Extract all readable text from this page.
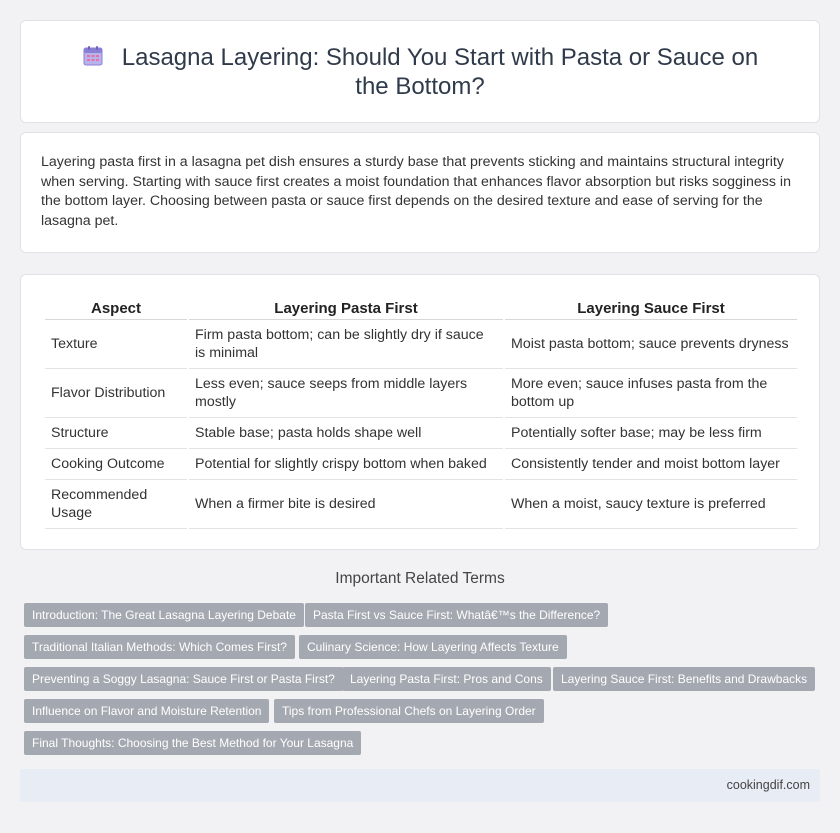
Lasagna Layering: Should You Start with Pasta or Sauce on the Bottom?

Layering pasta first in a lasagna pet dish ensures a sturdy base that prevents sticking and maintains structural integrity when serving. Starting with sauce first creates a moist foundation that enhances flavor absorption but risks sogginess in the bottom layer. Choosing between pasta or sauce first depends on the desired texture and ease of serving for the lasagna pet.

Aspect	Layering Pasta First	Layering Sauce First
Texture	Firm pasta bottom; can be slightly dry if sauce is minimal	Moist pasta bottom; sauce prevents dryness
Flavor Distribution	Less even; sauce seeps from middle layers mostly	More even; sauce infuses pasta from the bottom up
Structure	Stable base; pasta holds shape well	Potentially softer base; may be less firm
Cooking Outcome	Potential for slightly crispy bottom when baked	Consistently tender and moist bottom layer
Recommended Usage	When a firmer bite is desired	When a moist, saucy texture is preferred
Important Related Terms
Introduction: The Great Lasagna Layering Debate	Pasta First vs Sauce First: Whatâ€™s the Difference?
Traditional Italian Methods: Which Comes First?	Culinary Science: How Layering Affects Texture
Preventing a Soggy Lasagna: Sauce First or Pasta First?	Layering Pasta First: Pros and Cons	Layering Sauce First: Benefits and Drawbacks
Influence on Flavor and Moisture Retention	Tips from Professional Chefs on Layering Order
Final Thoughts: Choosing the Best Method for Your Lasagna
cookingdif.com
